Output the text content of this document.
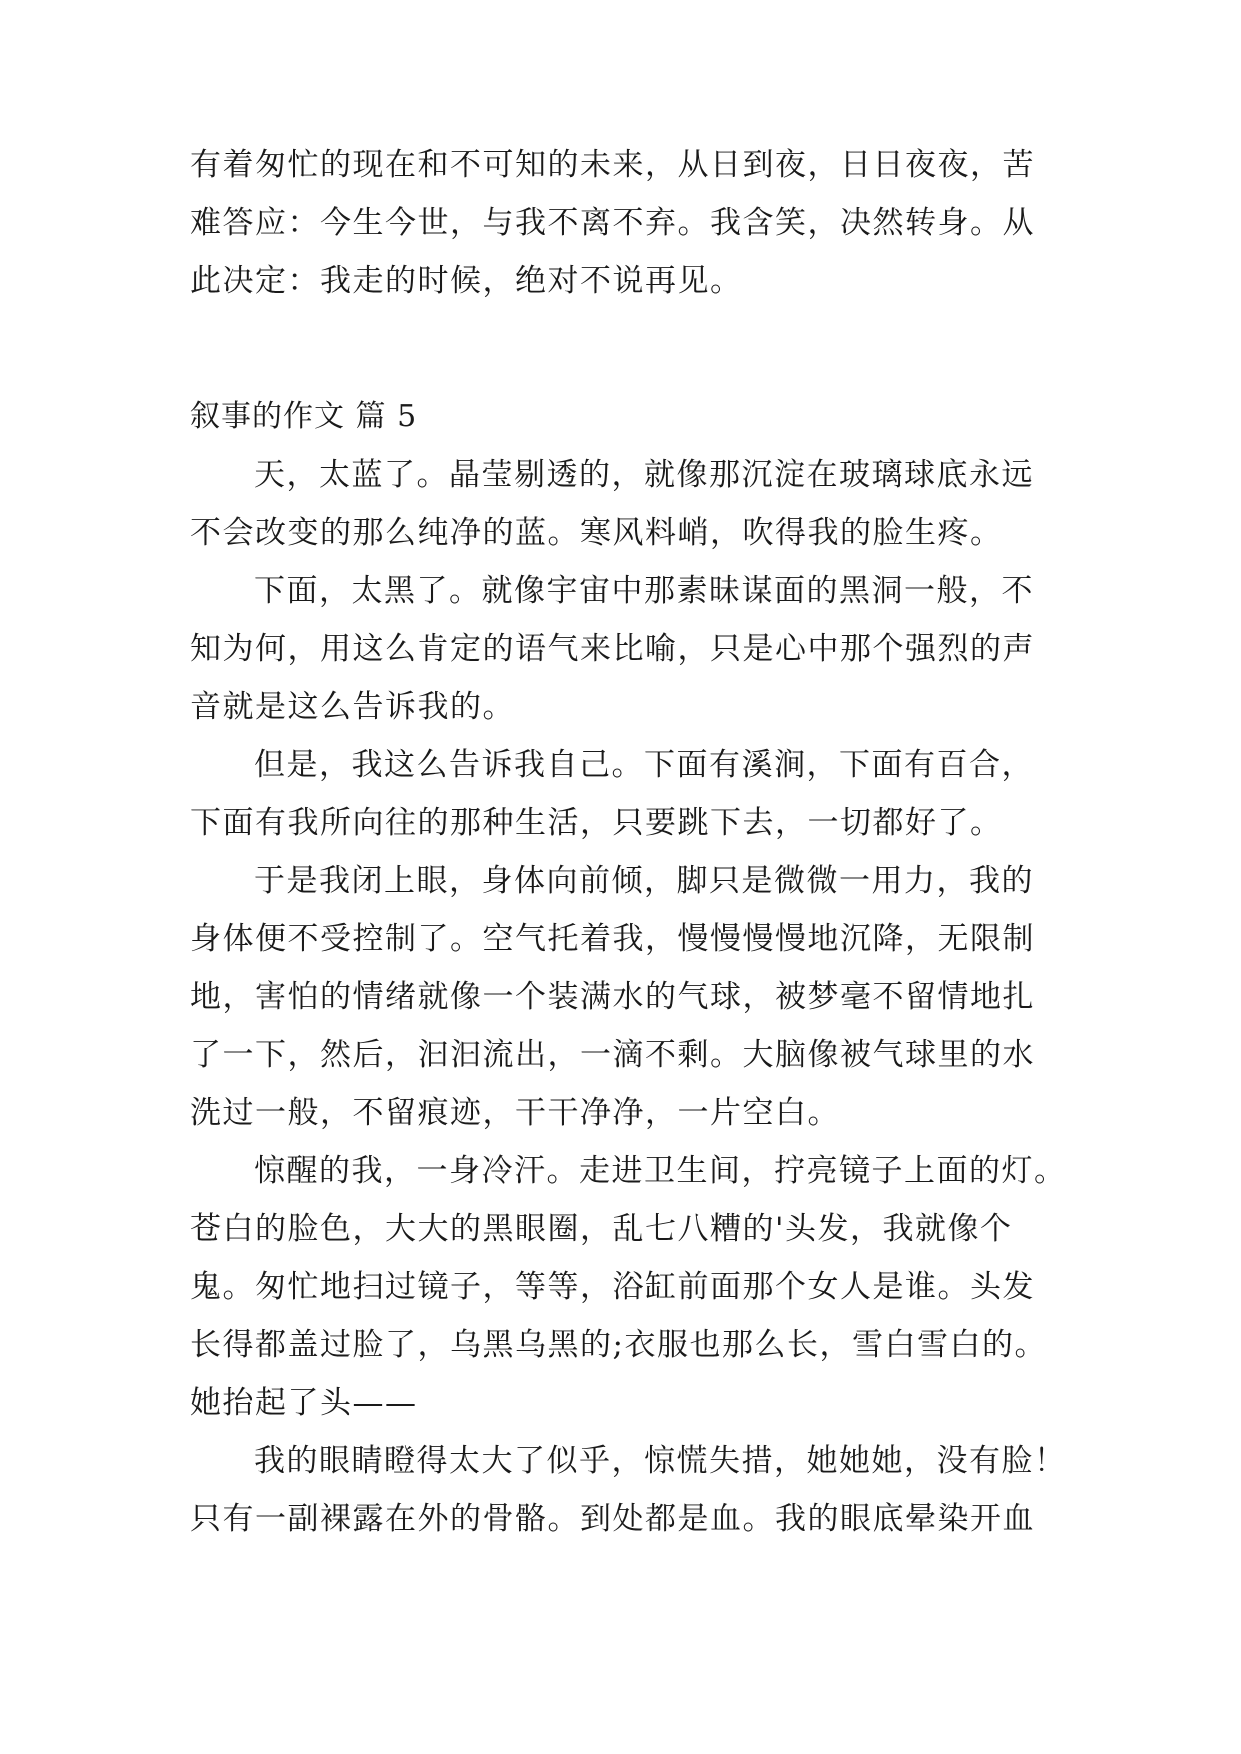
有着匆忙的现在和不可知的未来，从日到夜，日日夜夜，苦
难答应：今生今世，与我不离不弃。我含笑，决然转身。从
此决定：我走的时候，绝对不说再见。
叙事的作文 篇 5
天，太蓝了。晶莹剔透的，就像那沉淀在玻璃球底永远
不会改变的那么纯净的蓝。寒风料峭，吹得我的脸生疼。
下面，太黑了。就像宇宙中那素昧谋面的黑洞一般，不
知为何，用这么肯定的语气来比喻，只是心中那个强烈的声
音就是这么告诉我的。
但是，我这么告诉我自己。下面有溪涧，下面有百合，
下面有我所向往的那种生活，只要跳下去，一切都好了。
于是我闭上眼，身体向前倾，脚只是微微一用力，我的
身体便不受控制了。空气托着我，慢慢慢慢地沉降，无限制
地，害怕的情绪就像一个装满水的气球，被梦毫不留情地扎
了一下，然后，汩汩流出，一滴不剩。大脑像被气球里的水
洗过一般，不留痕迹，干干净净，一片空白。
惊醒的我，一身冷汗。走进卫生间，拧亮镜子上面的灯。
苍白的脸色，大大的黑眼圈，乱七八糟的'头发，我就像个
鬼。匆忙地扫过镜子，等等，浴缸前面那个女人是谁。头发
长得都盖过脸了，乌黑乌黑的;衣服也那么长，雪白雪白的。
她抬起了头——
我的眼睛瞪得太大了似乎，惊慌失措，她她她，没有脸！
只有一副裸露在外的骨骼。到处都是血。我的眼底晕染开血
